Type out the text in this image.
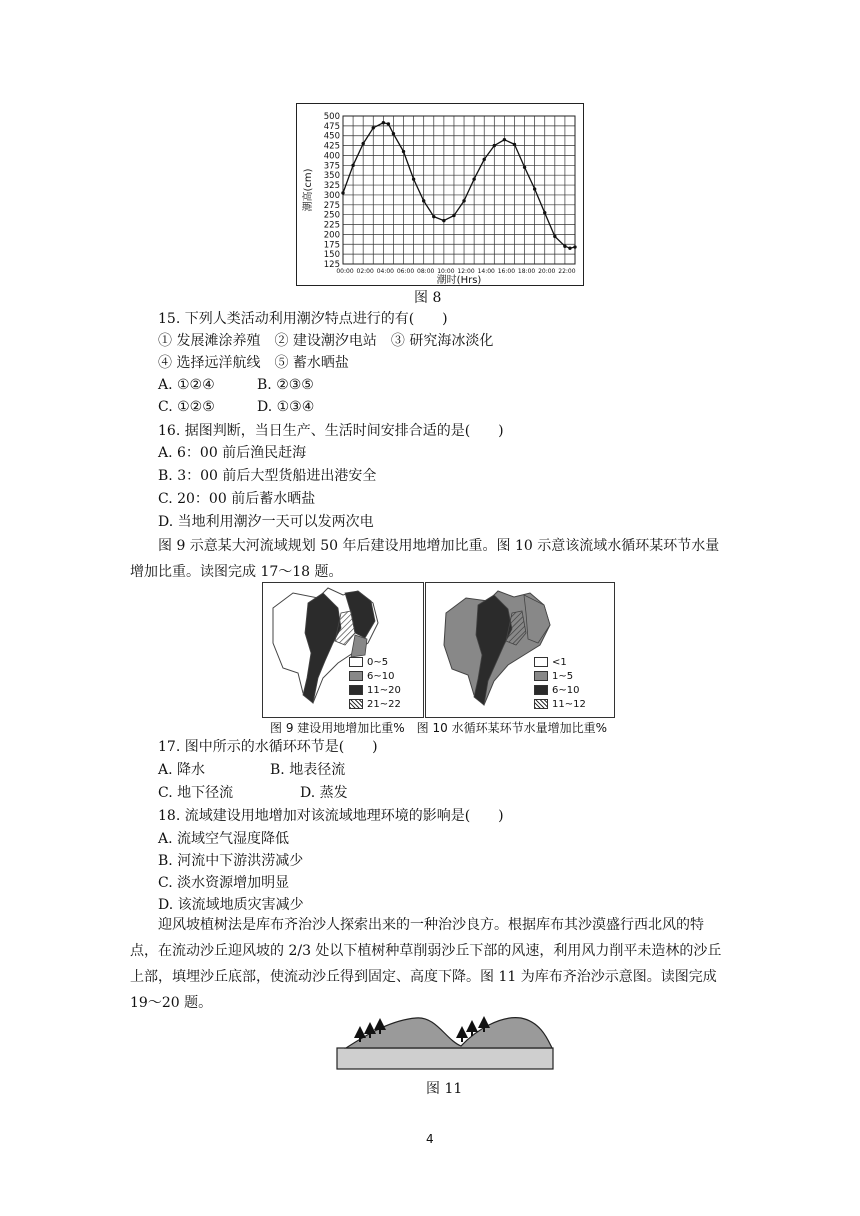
500
475
450
425
400
375
350
325
300
275
250
225
200
175
150
125
00:00 02:00 04:00 06:00 08:00 10:00 12:00 14:00 16:00 18:00 20:00 22:00
潮时(Hrs)
潮高(cm)
图 8
15. 下列人类活动利用潮汐特点进行的有(　　)
① 发展滩涂养殖　② 建设潮汐电站　③ 研究海冰淡化
④ 选择远洋航线　⑤ 蓄水晒盐
A. ①②④	B. ②③⑤
C. ①②⑤	D. ①③④
16. 据图判断，当日生产、生活时间安排合适的是(　　)
A. 6：00 前后渔民赶海
B. 3：00 前后大型货船进出港安全
C. 20：00 前后蓄水晒盐
D. 当地利用潮汐一天可以发两次电
图 9 示意某大河流域规划 50 年后建设用地增加比重。图 10 示意该流域水循环某环节水量增加比重。读图完成 17～18 题。
0~5
6~10
11~20
21~22
<1
1~5
6~10
11~12
图 9 建设用地增加比重%　图 10 水循环某环节水量增加比重%
17. 图中所示的水循环环节是(　　)
A. 降水	B. 地表径流
C. 地下径流	D. 蒸发
18. 流域建设用地增加对该流域地理环境的影响是(　　)
A. 流域空气湿度降低
B. 河流中下游洪涝减少
C. 淡水资源增加明显
D. 该流域地质灾害减少
迎风坡植树法是库布齐治沙人探索出来的一种治沙良方。根据库布其沙漠盛行西北风的特点，在流动沙丘迎风坡的 2/3 处以下植树种草削弱沙丘下部的风速，利用风力削平未造林的沙丘上部，填埋沙丘底部，使流动沙丘得到固定、高度下降。图 11 为库布齐治沙示意图。读图完成 19～20 题。
图 11
4
